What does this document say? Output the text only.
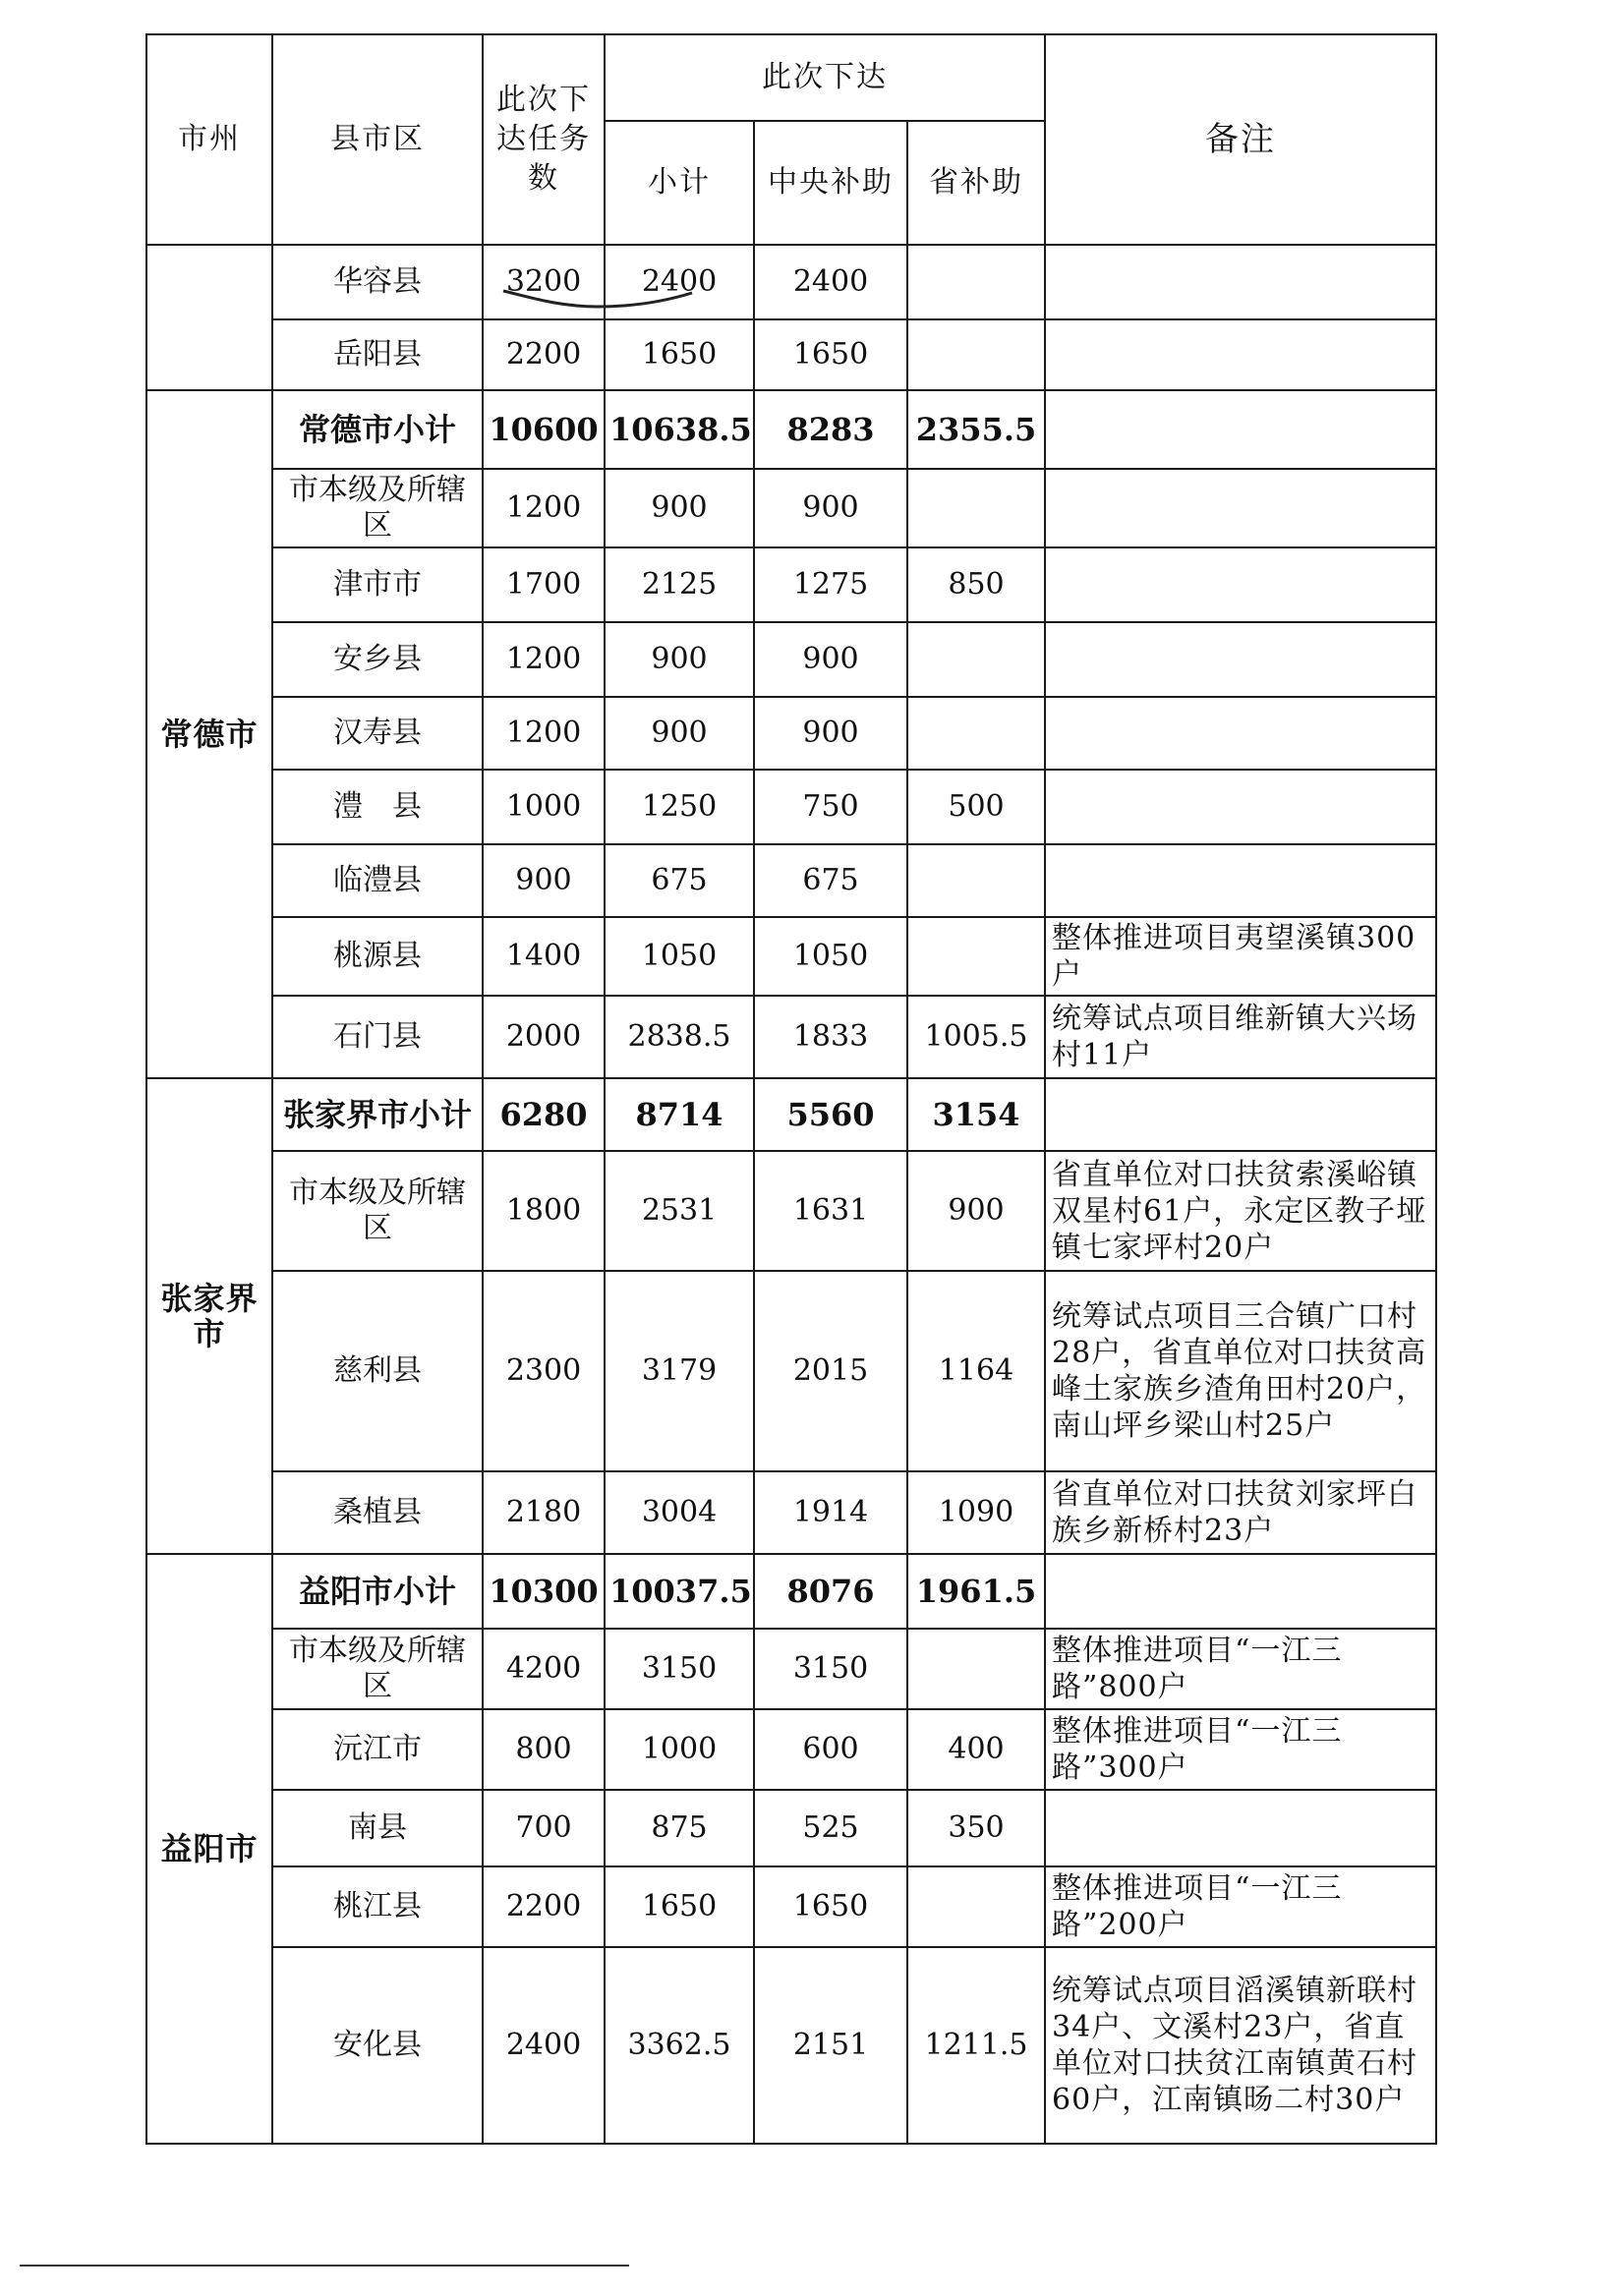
市州	县市区	此次下达任务数	此次下达			备注
			小计	中央补助	省补助	
	华容县	3200	2400	2400		
	岳阳县	2200	1650	1650		
常德市	常德市小计	10600	10638.5	8283	2355.5	
	市本级及所辖区	1200	900	900		
	津市市	1700	2125	1275	850	
	安乡县	1200	900	900		
	汉寿县	1200	900	900		
	澧　县	1000	1250	750	500	
	临澧县	900	675	675		
	桃源县	1400	1050	1050		整体推进项目夷望溪镇300户
	石门县	2000	2838.5	1833	1005.5	统筹试点项目维新镇大兴场村11户
张家界市	张家界市小计	6280	8714	5560	3154	
	市本级及所辖区	1800	2531	1631	900	省直单位对口扶贫索溪峪镇双星村61户，永定区教子垭镇七家坪村20户
	慈利县	2300	3179	2015	1164	统筹试点项目三合镇广口村28户，省直单位对口扶贫高峰土家族乡渣角田村20户，南山坪乡梁山村25户
	桑植县	2180	3004	1914	1090	省直单位对口扶贫刘家坪白族乡新桥村23户
益阳市	益阳市小计	10300	10037.5	8076	1961.5	
	市本级及所辖区	4200	3150	3150		整体推进项目“一江三路”800户
	沅江市	800	1000	600	400	整体推进项目“一江三路”300户
	南县	700	875	525	350	
	桃江县	2200	1650	1650		整体推进项目“一江三路”200户
	安化县	2400	3362.5	2151	1211.5	统筹试点项目滔溪镇新联村34户、文溪村23户，省直单位对口扶贫江南镇黄石村60户，江南镇旸二村30户
